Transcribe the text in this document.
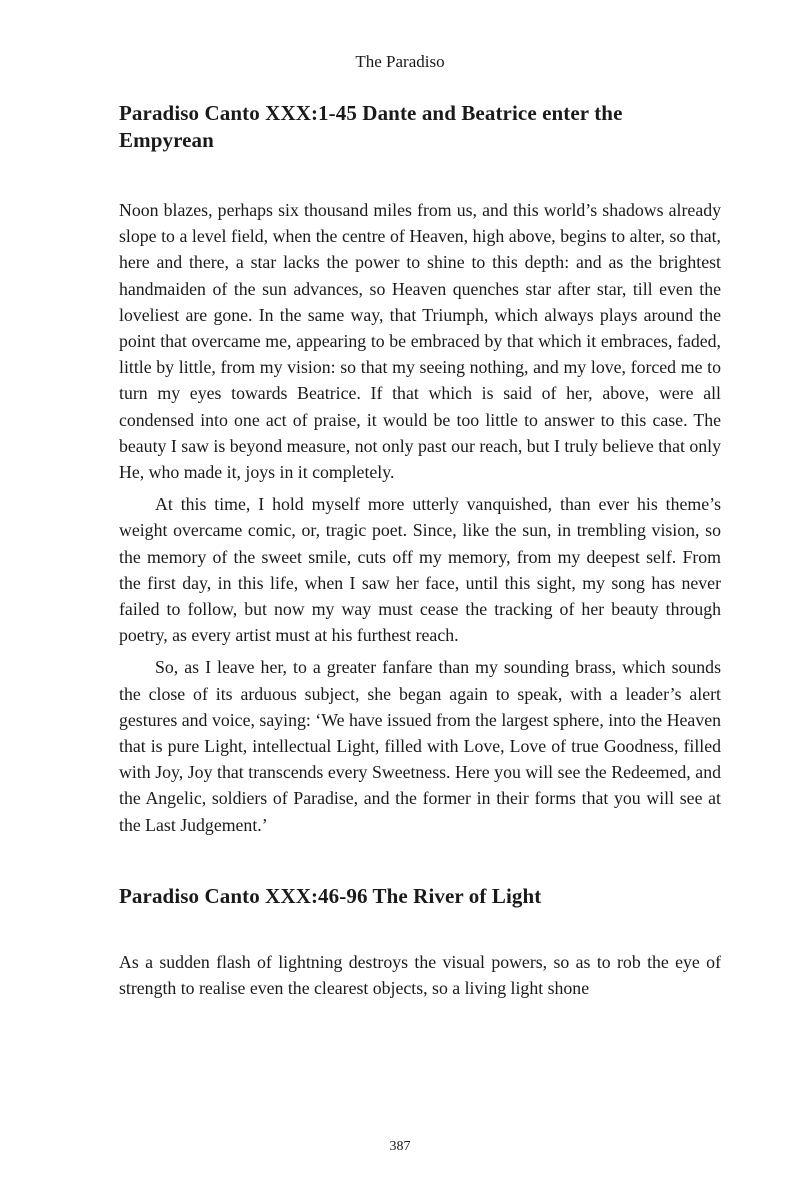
The Paradiso
Paradiso Canto XXX:1-45 Dante and Beatrice enter the Empyrean

Noon blazes, perhaps six thousand miles from us, and this world’s shadows already slope to a level field, when the centre of Heaven, high above, begins to alter, so that, here and there, a star lacks the power to shine to this depth: and as the brightest handmaiden of the sun advances, so Heaven quenches star after star, till even the loveliest are gone. In the same way, that Triumph, which always plays around the point that overcame me, appearing to be embraced by that which it embraces, faded, little by little, from my vision: so that my seeing nothing, and my love, forced me to turn my eyes towards Beatrice. If that which is said of her, above, were all condensed into one act of praise, it would be too little to answer to this case. The beauty I saw is beyond measure, not only past our reach, but I truly believe that only He, who made it, joys in it completely.

At this time, I hold myself more utterly vanquished, than ever his theme’s weight overcame comic, or, tragic poet. Since, like the sun, in trembling vision, so the memory of the sweet smile, cuts off my memory, from my deepest self. From the first day, in this life, when I saw her face, until this sight, my song has never failed to follow, but now my way must cease the tracking of her beauty through poetry, as every artist must at his furthest reach.

So, as I leave her, to a greater fanfare than my sounding brass, which sounds the close of its arduous subject, she began again to speak, with a leader’s alert gestures and voice, saying: ‘We have issued from the largest sphere, into the Heaven that is pure Light, intellectual Light, filled with Love, Love of true Goodness, filled with Joy, Joy that transcends every Sweetness. Here you will see the Redeemed, and the Angelic, soldiers of Paradise, and the former in their forms that you will see at the Last Judgement.’

Paradiso Canto XXX:46-96 The River of Light

As a sudden flash of lightning destroys the visual powers, so as to rob the eye of strength to realise even the clearest objects, so a living light shone

387
